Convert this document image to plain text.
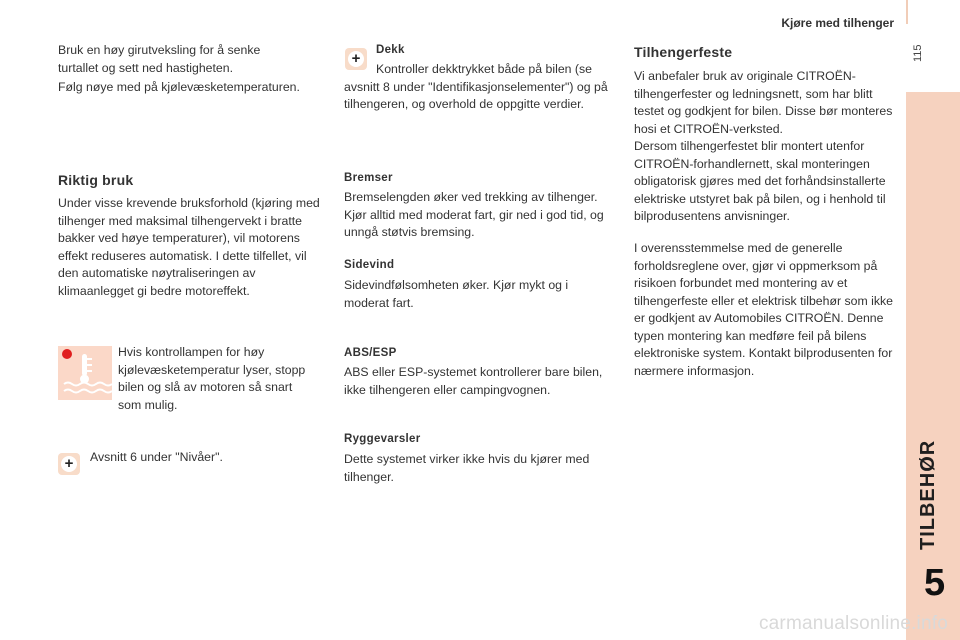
Kjøre med tilhenger
115
TILBEHØR
5

Bruk en høy girutveksling for å senke turtallet og sett ned hastigheten.

Følg nøye med på kjølevæsketemperaturen.

Riktig bruk

Under visse krevende bruksforhold (kjøring med tilhenger med maksimal tilhengervekt i bratte bakker ved høye temperaturer), vil motorens effekt reduseres automatisk. I dette tilfellet, vil den automatiske nøytraliseringen av klimaanlegget gi bedre motoreffekt.

Hvis kontrollampen for høy kjølevæsketemperatur lyser, stopp bilen og slå av motoren så snart som mulig.

+ Avsnitt 6 under "Nivåer".

+	Dekk

Kontroller dekktrykket både på bilen (se avsnitt 8 under "Identifikasjonselementer") og på tilhengeren, og overhold de oppgitte verdier.

Bremser

Bremselengden øker ved trekking av tilhenger. Kjør alltid med moderat fart, gir ned i god tid, og unngå støtvis bremsing.

Sidevind

Sidevindfølsomheten øker. Kjør mykt og i moderat fart.

ABS/ESP

ABS eller ESP-systemet kontrollerer bare bilen, ikke tilhengeren eller campingvognen.

Ryggevarsler

Dette systemet virker ikke hvis du kjører med tilhenger.

Tilhengerfeste

Vi anbefaler bruk av originale CITROËN-tilhengerfester og ledningsnett, som har blitt testet og godkjent for bilen. Disse bør monteres hosi et CITROËN-verksted.

Dersom tilhengerfestet blir montert utenfor CITROËN-forhandlernett, skal monteringen obligatorisk gjøres med det forhåndsinstallerte elektriske utstyret bak på bilen, og i henhold til bilprodusentens anvisninger.

I overensstemmelse med de generelle forholdsreglene over, gjør vi oppmerksom på risikoen forbundet med montering av et tilhengerfeste eller et elektrisk tilbehør som ikke er godkjent av Automobiles CITROËN. Denne typen montering kan medføre feil på bilens elektroniske system. Kontakt bilprodusenten for nærmere informasjon.

carmanualsonline.info
